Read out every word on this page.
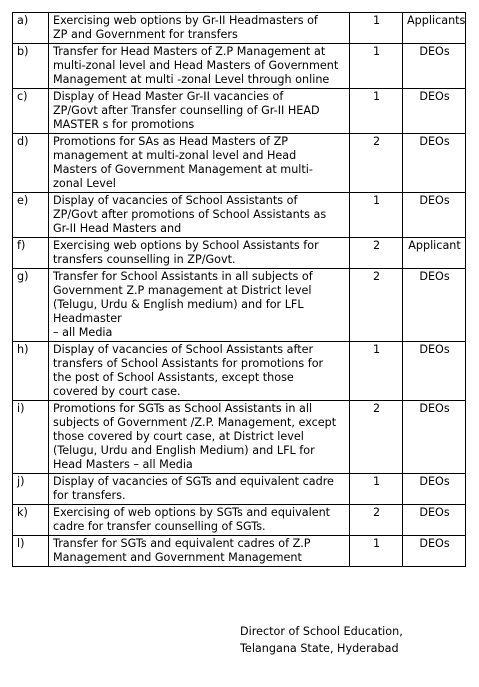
a)	Exercising web options by Gr-II Headmasters of
ZP and Government for transfers	1	Applicants
b)	Transfer for Head Masters of Z.P Management at
multi-zonal level and Head Masters of Government
Management at multi -zonal Level through online	1	DEOs
c)	Display of Head Master Gr-II vacancies of
ZP/Govt after Transfer counselling of Gr-II HEAD
MASTER s for promotions	1	DEOs
d)	Promotions for SAs as Head Masters of ZP
management at multi-zonal level and Head
Masters of Government Management at multi-
zonal Level	2	DEOs
e)	Display of vacancies of School Assistants of
ZP/Govt after promotions of School Assistants as
Gr-II Head Masters and	1	DEOs
f)	Exercising web options by School Assistants for
transfers counselling in ZP/Govt.	2	Applicant
g)	Transfer for School Assistants in all subjects of
Government Z.P management at District level
(Telugu, Urdu & English medium) and for LFL
Headmaster
– all Media	2	DEOs
h)	Display of vacancies of School Assistants after
transfers of School Assistants for promotions for
the post of School Assistants, except those
covered by court case.	1	DEOs
i)	Promotions for SGTs as School Assistants in all
subjects of Government /Z.P. Management, except
those covered by court case, at District level
(Telugu, Urdu and English Medium) and LFL for
Head Masters – all Media	2	DEOs
j)	Display of vacancies of SGTs and equivalent cadre
for transfers.	1	DEOs
k)	Exercising of web options by SGTs and equivalent
cadre for transfer counselling of SGTs.	2	DEOs
l)	Transfer for SGTs and equivalent cadres of Z.P
Management and Government Management	1	DEOs
Director of School Education,
Telangana State, Hyderabad
